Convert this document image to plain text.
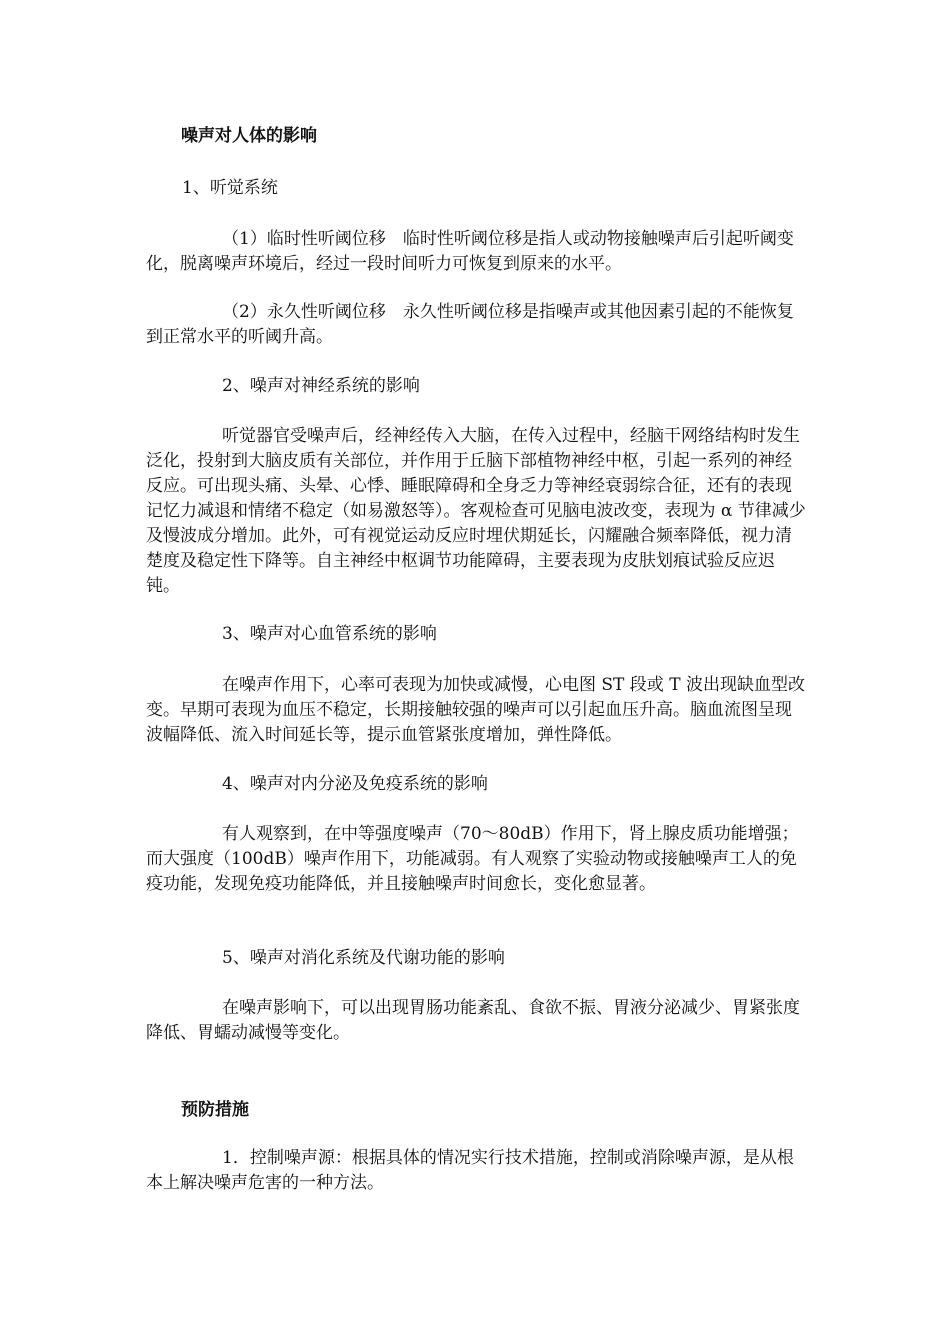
噪声对人体的影响

1、听觉系统

（1）临时性听阈位移　临时性听阈位移是指人或动物接触噪声后引起听阈变化，脱离噪声环境后，经过一段时间听力可恢复到原来的水平。

（2）永久性听阈位移　永久性听阈位移是指噪声或其他因素引起的不能恢复到正常水平的听阈升高。

2、噪声对神经系统的影响

听觉器官受噪声后，经神经传入大脑，在传入过程中，经脑干网络结构时发生泛化，投射到大脑皮质有关部位，并作用于丘脑下部植物神经中枢，引起一系列的神经反应。可出现头痛、头晕、心悸、睡眠障碍和全身乏力等神经衰弱综合征，还有的表现记忆力减退和情绪不稳定（如易激怒等）。客观检查可见脑电波改变，表现为 α 节律减少及慢波成分增加。此外，可有视觉运动反应时埋伏期延长，闪耀融合频率降低，视力清楚度及稳定性下降等。自主神经中枢调节功能障碍，主要表现为皮肤划痕试验反应迟钝。

3、噪声对心血管系统的影响

在噪声作用下，心率可表现为加快或减慢，心电图 ST 段或 T 波出现缺血型改变。早期可表现为血压不稳定，长期接触较强的噪声可以引起血压升高。脑血流图呈现波幅降低、流入时间延长等，提示血管紧张度增加，弹性降低。

4、噪声对内分泌及免疫系统的影响

有人观察到，在中等强度噪声（70～80dB）作用下，肾上腺皮质功能增强；而大强度（100dB）噪声作用下，功能减弱。有人观察了实验动物或接触噪声工人的免疫功能，发现免疫功能降低，并且接触噪声时间愈长，变化愈显著。

5、噪声对消化系统及代谢功能的影响

在噪声影响下，可以出现胃肠功能紊乱、食欲不振、胃液分泌减少、胃紧张度降低、胃蠕动减慢等变化。

预防措施

1．控制噪声源：根据具体的情况实行技术措施，控制或消除噪声源，是从根本上解决噪声危害的一种方法。
